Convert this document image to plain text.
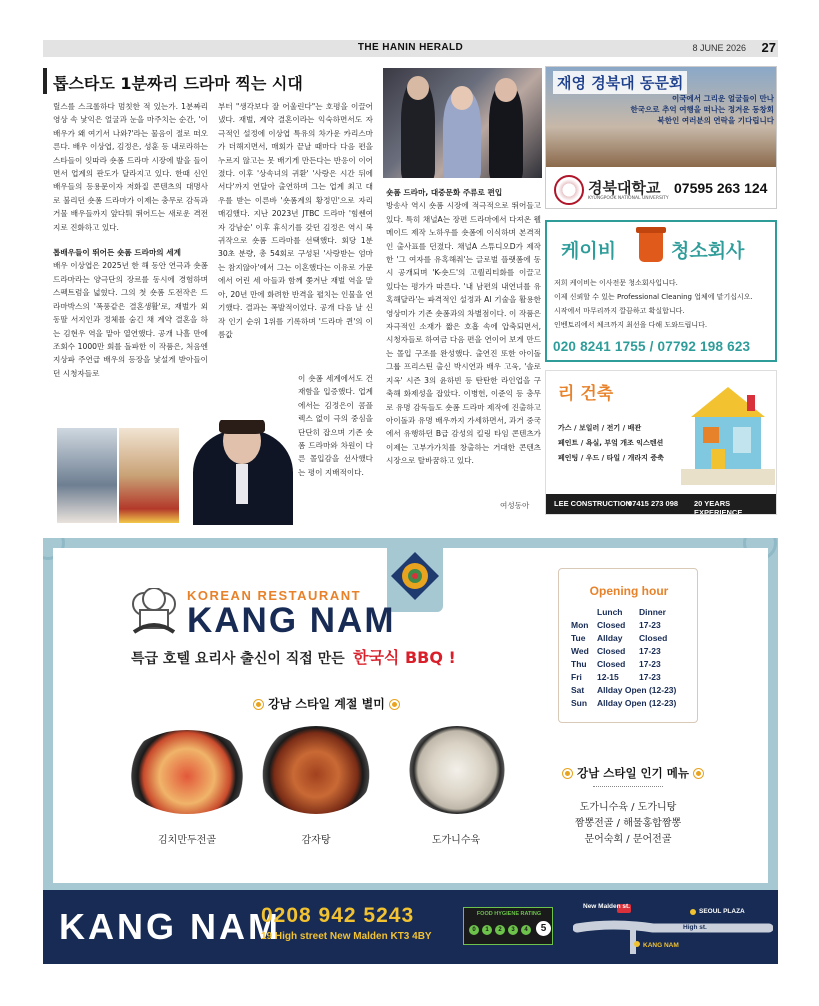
THE HANIN HERALD	8 JUNE 2026 27
톱스타도 1분짜리 드라마 찍는 시대

릴스를 스크롤하다 멈칫한 적 있는가. 1분짜리 영상 속 낯익은 얼굴과 눈을 마주치는 순간, '이 배우가 왜 여기서 나와?'라는 물음이 절로 떠오른다. 배우 이상엽, 김정은, 성훈 등 내로라하는 스타들이 잇따라 숏폼 드라마 시장에 발을 들이면서 업계의 판도가 달라지고 있다. 한때 신인 배우들의 등용문이자 저화질 콘텐츠의 대명사로 불리던 숏폼 드라마가 이제는 충무로 감독과 거물 배우들까지 앞다퉈 뛰어드는 새로운 격전지로 진화하고 있다.

톱배우들이 뛰어든 숏폼 드라마의 세계

배우 이상엽은 2025년 한 해 동안 연극과 숏폼 드라마라는 양극단의 장르를 동시에 경험하며 스펙트럼을 넓혔다. 그의 첫 숏폼 도전작은 드라마박스의 '폭풍같은 결혼생활'로, 재벌가 외동딸 서지인과 정체를 숨긴 채 계약 결혼을 하는 김현우 역을 맡아 열연했다. 공개 나흘 만에 조회수 1000만 회를 돌파한 이 작품은, 처음엔 지상파 주연급 배우의 등장을 낯설게 받아들이던 시청자들로

부터 "생각보다 잘 어울린다"는 호평을 이끌어냈다. 재벌, 계약 결혼이라는 익숙하면서도 자극적인 설정에 이상엽 특유의 차가운 카리스마가 더해지면서, 매회가 끝날 때마다 다음 편을 누르지 않고는 못 배기게 만든다는 반응이 이어졌다. 이후 '상속녀의 귀환' '사랑은 시간 뒤에 서다'까지 연달아 출연하며 그는 업계 최고 대우를 받는 이른바 '숏폼계의 황정민'으로 자리매김했다. 지난 2023년 JTBC 드라마 '힘쎈여자 강남순' 이후 휴식기를 갖던 김정은 역시 복귀작으로 숏폼 드라마를 선택했다. 회당 1분 30초 분량, 총 54회로 구성된 '사랑받는 엄마는 참지않아'에서 그는 이혼했다는 이유로 가문에서 어린 세 아들과 함께 쫓겨난 재벌 역을 맡아, 20년 만에 화려한 반격을 펼치는 인물을 연기했다. 결과는 폭발적이었다. 공개 다음 날 신작 인기 순위 1위를 기록하며 '드라마 퀸'의 이름값

이 숏폼 세계에서도 건재함을 입증했다. 업계에서는 김정은이 콤플렉스 없이 극의 중심을 단단히 잡으며 기존 숏폼 드라마와 차원이 다른 몰입감을 선사했다는 평이 지배적이다.

숏폼 드라마, 대중문화 주류로 편입

방송사 역시 숏폼 시장에 적극적으로 뛰어들고 있다. 특히 채널A는 장편 드라마에서 다져온 웰메이드 제작 노하우를 숏폼에 이식하며 본격적인 출사표를 던졌다. 채널A 스튜디오D가 제작한 '그 여자를 유혹해줘'는 글로벌 플랫폼에 동시 공개되며 'K-숏드'의 고퀄리티화를 이끌고 있다는 평가가 따른다. '내 남편의 내연녀를 유혹해달라'는 파격적인 설정과 AI 기술을 활용한 영상미가 기존 숏폼과의 차별점이다. 이 작품은 자극적인 소재가 짧은 호흡 속에 압축되면서, 시청자들로 하여금 다음 편을 연이어 보게 만드는 몰입 구조를 완성했다. 출연진 또한 아이돌 그룹 프리스틴 출신 박시연과 배우 고욱, '솔로지옥' 시즌 3의 윤하빈 등 탄탄한 라인업을 구축해 화제성을 잡았다. 이병헌, 이준익 등 충무로 유명 감독들도 숏폼 드라마 제작에 진출하고 아이돌과 유명 배우까지 가세하면서, 과거 중국에서 유행하던 B급 감성의 킬링 타임 콘텐츠가 이제는 고부가가치를 창출하는 거대한 콘텐츠 시장으로 탈바꿈하고 있다.

여성동아
재영 경북대 동문회
이국에서 그리운 얼굴들이 만나
한국으로 추억 여행을 떠나는 정겨운 동창회
북한인 여러분의 연락을 기다립니다
경북대학교
KYUNGPOOK NATIONAL UNIVERSITY
07595 263 124
케이비	청소회사
저희 케이비는 이사전문 청소회사입니다.
이제 신뢰할 수 있는 Professional Cleaning 업체에 맡기십시오.
시작에서 마무리까지 깔끔하고 확실합니다.
인벤토리에서 체크까지 최선을 다해 도와드립니다.
020 8241 1755 / 07792 198 623
리 건축
가스 / 보일러 / 전기 / 배관
페인트 / 욕실, 부엌 개조 익스텐션
페인팅 / 우드 / 타일 / 개라지 증축
LEE CONSTRUCTION
07415 273 098 20 YEARS EXPERIENCE
KOREAN RESTAURANT
KANG NAM
특급 호텔 요리사 출신이 직접 만든 한국식 BBQ !
강남 스타일 계절 별미
김치만두전골	감자탕	도가니수육
Opening hour
Lunch Dinner
Mon Closed 17-23
Tue Allday Closed
Wed Closed 17-23
Thu Closed 17-23
Fri 12-15 17-23
Sat Allday Open (12-23)
Sun Allday Open (12-23)
강남 스타일 인기 메뉴
도가니수육 / 도가니탕
짬뽕전골 / 해물홍합짬뽕
문어숙회 / 문어전골
KANG NAM
0208 942 5243
19 High street New Malden KT3 4BY
FOOD HYGIENE RATING
0	1	2	3	4	5
New Malden st.
SEOUL PLAZA
High st.
KANG NAM
